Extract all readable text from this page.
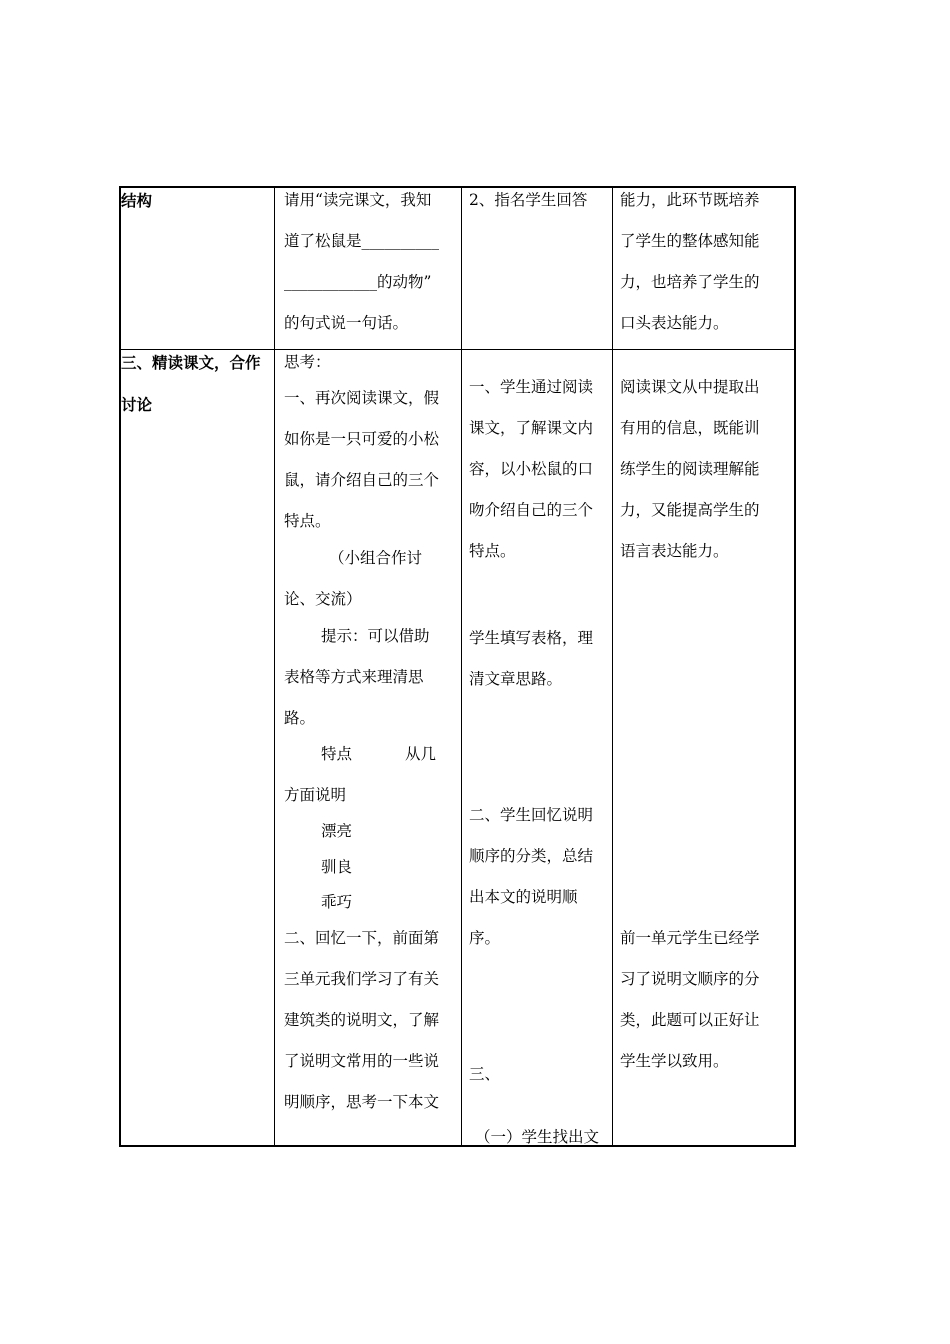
结构	请用“读完课文，我知
道了松鼠是__________
____________的动物”
的句式说一句话。
2、指名学生回答 能力，此环节既培养
了学生的整体感知能
力，也培养了学生的
口头表达能力。
三、精读课文，合作
讨论
思考：
一、再次阅读课文，假
如你是一只可爱的小松
鼠，请介绍自己的三个
特点。
（小组合作讨
论、交流）
提示：可以借助
表格等方式来理清思
路。
特点	从几
方面说明
漂亮
驯良
乖巧
二、回忆一下，前面第
三单元我们学习了有关
建筑类的说明文，了解
了说明文常用的一些说
明顺序，思考一下本文
一、学生通过阅读
课文，了解课文内
容，以小松鼠的口
吻介绍自己的三个
特点。
学生填写表格，理
清文章思路。
二、学生回忆说明
顺序的分类，总结
出本文的说明顺
序。
三、
（一）学生找出文
阅读课文从中提取出
有用的信息，既能训
练学生的阅读理解能
力，又能提高学生的
语言表达能力。
前一单元学生已经学
习了说明文顺序的分
类，此题可以正好让
学生学以致用。
